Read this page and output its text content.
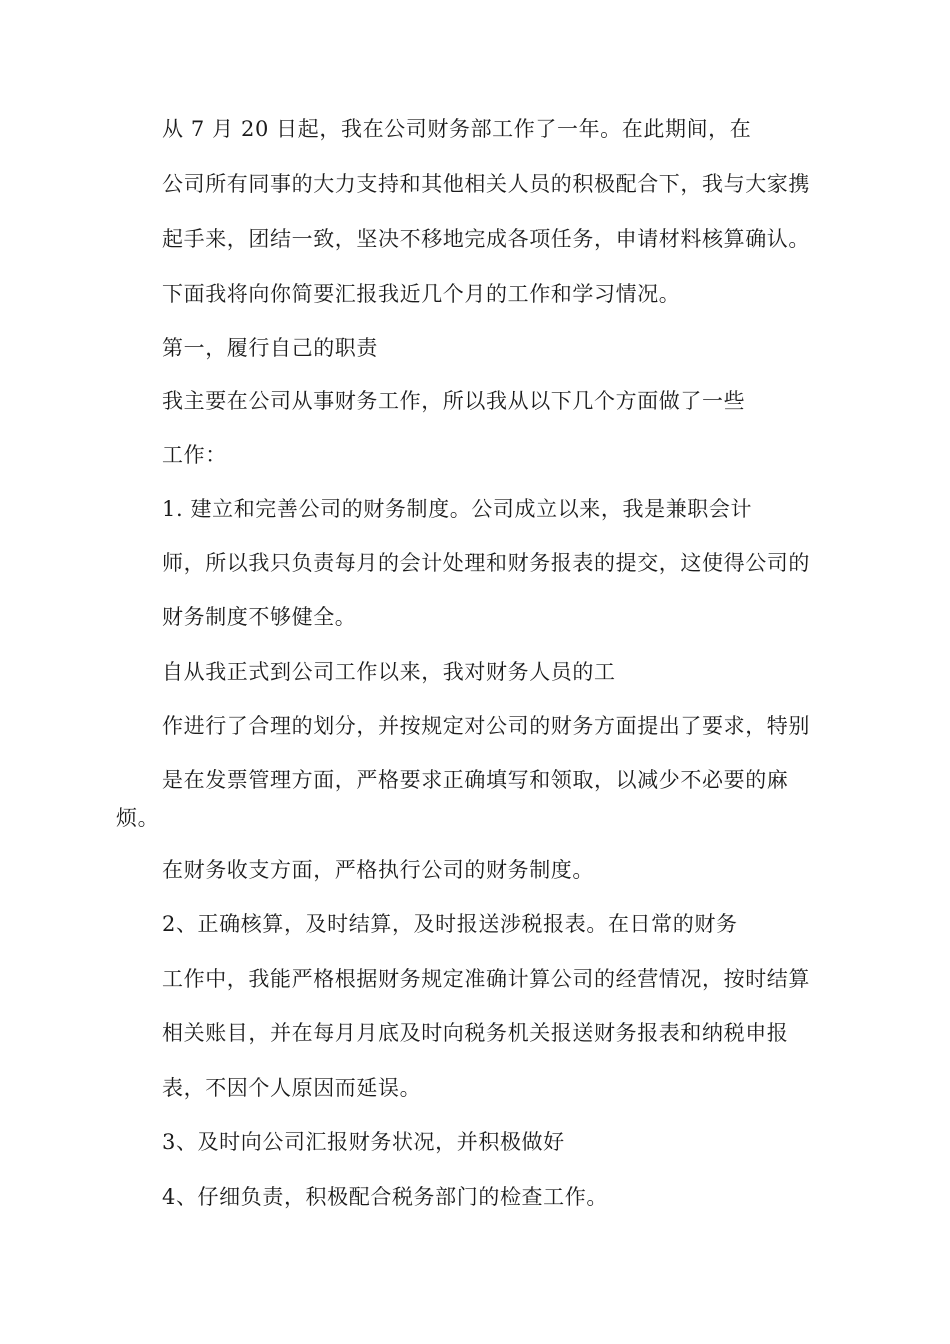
从 7 月 20 日起，我在公司财务部工作了一年。在此期间，在
公司所有同事的大力支持和其他相关人员的积极配合下，我与大家携
起手来，团结一致，坚决不移地完成各项任务，申请材料核算确认。
下面我将向你简要汇报我近几个月的工作和学习情况。
第一，履行自己的职责
我主要在公司从事财务工作，所以我从以下几个方面做了一些
工作：
1. 建立和完善公司的财务制度。公司成立以来，我是兼职会计
师，所以我只负责每月的会计处理和财务报表的提交，这使得公司的
财务制度不够健全。
自从我正式到公司工作以来，我对财务人员的工
作进行了合理的划分，并按规定对公司的财务方面提出了要求，特别
是在发票管理方面，严格要求正确填写和领取，以减少不必要的麻
烦。
在财务收支方面，严格执行公司的财务制度。
2、正确核算，及时结算，及时报送涉税报表。在日常的财务
工作中，我能严格根据财务规定准确计算公司的经营情况，按时结算
相关账目，并在每月月底及时向税务机关报送财务报表和纳税申报
表，不因个人原因而延误。
3、及时向公司汇报财务状况，并积极做好
4、仔细负责，积极配合税务部门的检查工作。
